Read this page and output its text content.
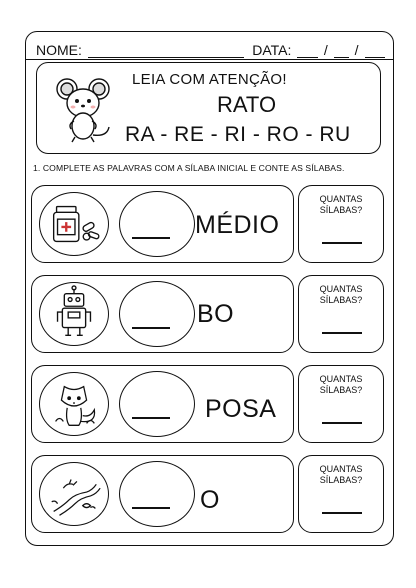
NOME:	DATA: / /
LEIA COM ATENÇÃO!
RATO
RA - RE - RI - RO - RU
1. COMPLETE AS PALAVRAS COM A SÍLABA INICIAL E CONTE AS SÍLABAS.
MÉDIO
QUANTAS
SÍLABAS?
BO
QUANTAS
SÍLABAS?
POSA
QUANTAS
SÍLABAS?
O
QUANTAS
SÍLABAS?
